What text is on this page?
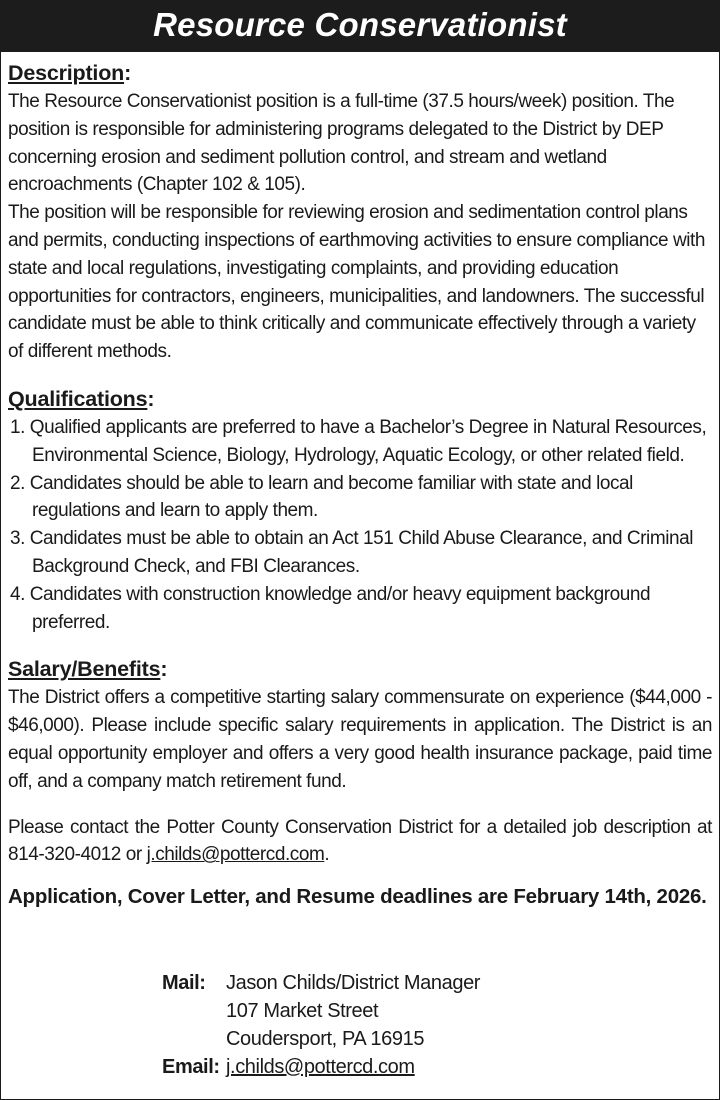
Resource Conservationist
Description:

The Resource Conservationist position is a full-time (37.5 hours/week) position. The position is responsible for administering programs delegated to the District by DEP concerning erosion and sediment pollution control, and stream and wetland encroachments (Chapter 102 & 105).

The position will be responsible for reviewing erosion and sedimentation control plans and permits, conducting inspections of earthmoving activities to ensure compliance with state and local regulations, investigating complaints, and providing education opportunities for contractors, engineers, municipalities, and landowners. The successful candidate must be able to think critically and communicate effectively through a variety of different methods.

Qualifications:
1. Qualified applicants are preferred to have a Bachelor’s Degree in Natural Resources, Environmental Science, Biology, Hydrology, Aquatic Ecology, or other related field.
2. Candidates should be able to learn and become familiar with state and local regulations and learn to apply them.
3. Candidates must be able to obtain an Act 151 Child Abuse Clearance, and Criminal Background Check, and FBI Clearances.
4. Candidates with construction knowledge and/or heavy equipment background preferred.
Salary/Benefits:

The District offers a competitive starting salary commensurate on experience ($44,000 - $46,000). Please include specific salary requirements in application. The District is an equal opportunity employer and offers a very good health insurance package, paid time off, and a company match retirement fund.

Please contact the Potter County Conservation District for a detailed job description at 814-320-4012 or j.childs@pottercd.com.

Application, Cover Letter, and Resume deadlines are February 14th, 2026.
Mail:	Jason Childs/District Manager
107 Market Street
Coudersport, PA 16915
Email: j.childs@pottercd.com
